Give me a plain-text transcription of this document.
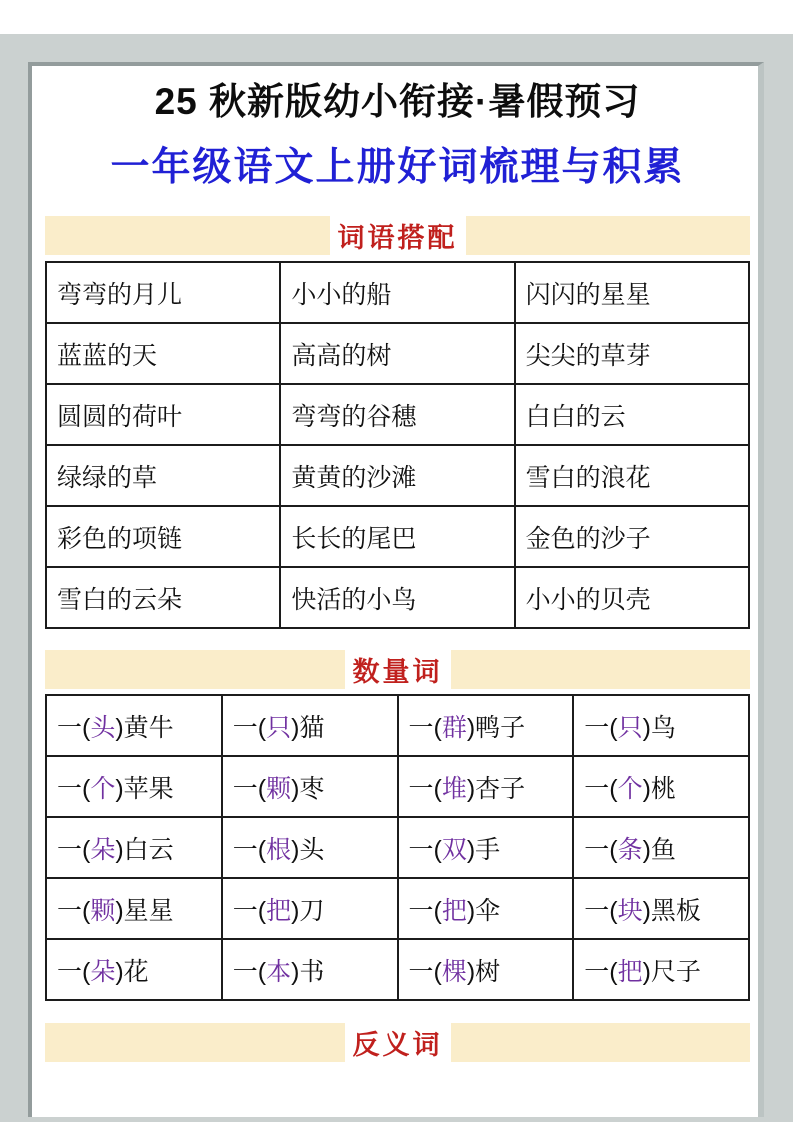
25 秋新版幼小衔接·暑假预习
一年级语文上册好词梳理与积累
词语搭配
弯弯的月儿	小小的船	闪闪的星星
蓝蓝的天	高高的树	尖尖的草芽
圆圆的荷叶	弯弯的谷穗	白白的云
绿绿的草	黄黄的沙滩	雪白的浪花
彩色的项链	长长的尾巴	金色的沙子
雪白的云朵	快活的小鸟	小小的贝壳
数量词
一(头)黄牛	一(只)猫	一(群)鸭子	一(只)鸟
一(个)苹果	一(颗)枣	一(堆)杏子	一(个)桃
一(朵)白云	一(根)头	一(双)手	一(条)鱼
一(颗)星星	一(把)刀	一(把)伞	一(块)黑板
一(朵)花	一(本)书	一(棵)树	一(把)尺子
反义词
